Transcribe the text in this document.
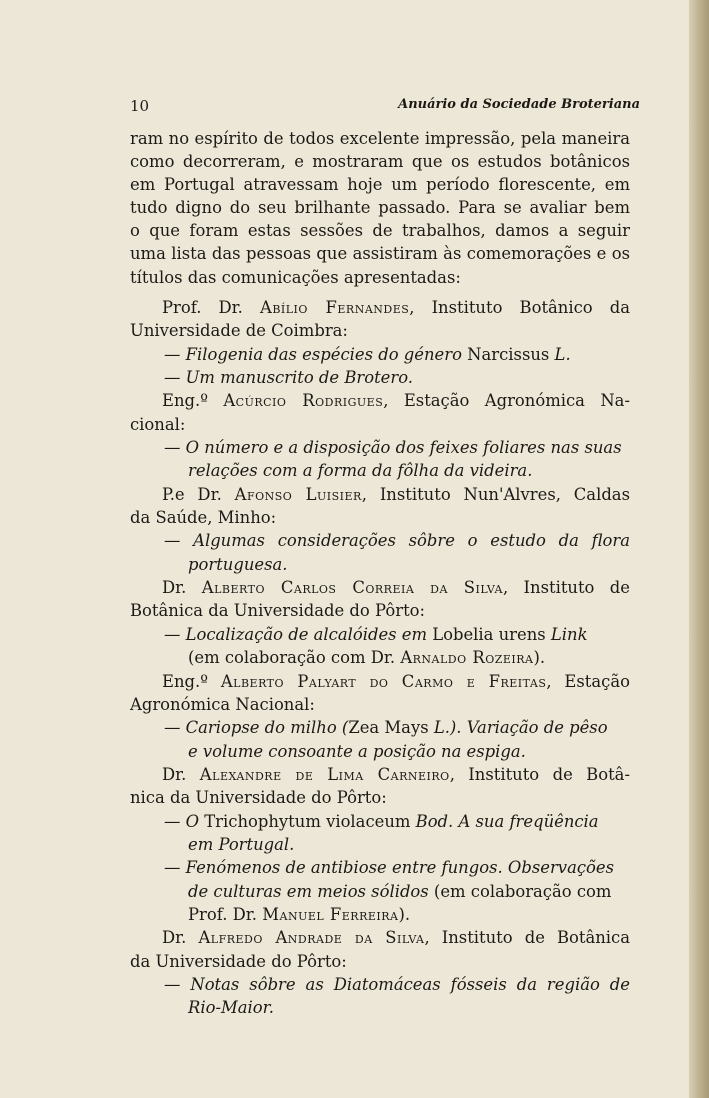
10	Anuário da Sociedade Broteriana
ram no espírito de todos excelente impressão, pela maneira
como decorreram, e mostraram que os estudos botânicos
em Portugal atravessam hoje um período florescente, em
tudo digno do seu brilhante passado. Para se avaliar bem
o que foram estas sessões de trabalhos, damos a seguir
uma lista das pessoas que assistiram às comemorações e os
títulos das comunicações apresentadas:
Prof. Dr. Abílio Fernandes, Instituto Botânico da
Universidade de Coimbra:
— Filogenia das espécies do género Narcissus L.
— Um manuscrito de Brotero.
Eng.º Acúrcio Rodrigues, Estação Agronómica Na-
cional:
— O número e a disposição dos feixes foliares nas suas
relações com a forma da fôlha da videira.
P.e Dr. Afonso Luisier, Instituto Nun'Alvres, Caldas
da Saúde, Minho:
— Algumas considerações sôbre o estudo da flora
portuguesa.
Dr. Alberto Carlos Correia da Silva, Instituto de
Botânica da Universidade do Pôrto:
— Localização de alcalóides em Lobelia urens Link
(em colaboração com Dr. Arnaldo Rozeira).
Eng.º Alberto Palyart do Carmo e Freitas, Estação
Agronómica Nacional:
— Cariopse do milho (Zea Mays L.). Variação de pêso
e volume consoante a posição na espiga.
Dr. Alexandre de Lima Carneiro, Instituto de Botâ-
nica da Universidade do Pôrto:
— O Trichophytum violaceum Bod. A sua freqüência
em Portugal.
— Fenómenos de antibiose entre fungos. Observações
de culturas em meios sólidos (em colaboração com
Prof. Dr. Manuel Ferreira).
Dr. Alfredo Andrade da Silva, Instituto de Botânica
da Universidade do Pôrto:
— Notas sôbre as Diatomáceas fósseis da região de
Rio-Maior.
